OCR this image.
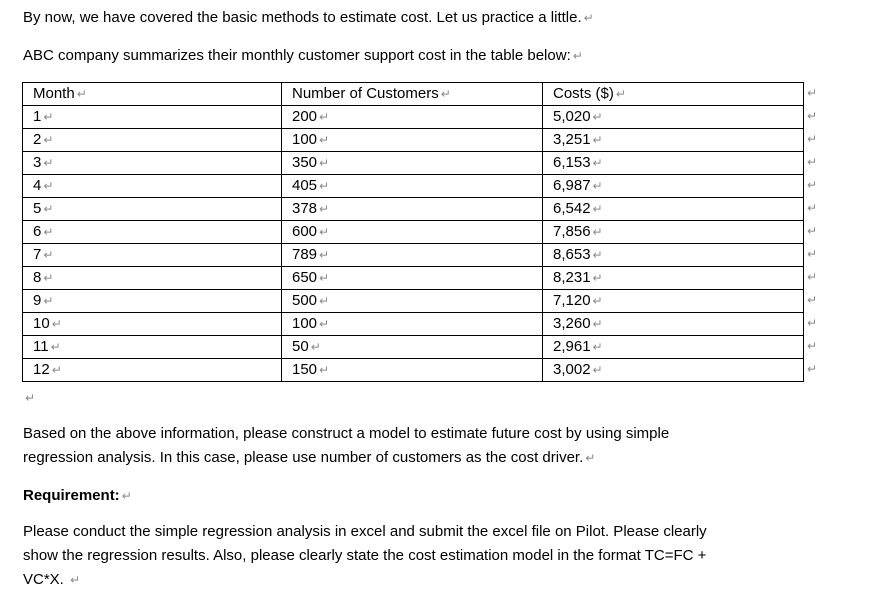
By now, we have covered the basic methods to estimate cost. Let us practice a little.↵
ABC company summarizes their monthly customer support cost in the table below:↵
Month↵	Number of Customers↵	Costs ($)↵
1↵	200↵	5,020↵
2↵	100↵	3,251↵
3↵	350↵	6,153↵
4↵	405↵	6,987↵
5↵	378↵	6,542↵
6↵	600↵	7,856↵
7↵	789↵	8,653↵
8↵	650↵	8,231↵
9↵	500↵	7,120↵
10↵	100↵	3,260↵
11↵	50↵	2,961↵
12↵	150↵	3,002↵
↵
↵
↵
↵
↵
↵
↵
↵
↵
↵
↵
↵
↵
↵
Based on the above information, please construct a model to estimate future cost by using simple
regression analysis. In this case, please use number of customers as the cost driver.↵
Requirement:↵
Please conduct the simple regression analysis in excel and submit the excel file on Pilot. Please clearly
show the regression results. Also, please clearly state the cost estimation model in the format TC=FC +
VC*X. ↵
